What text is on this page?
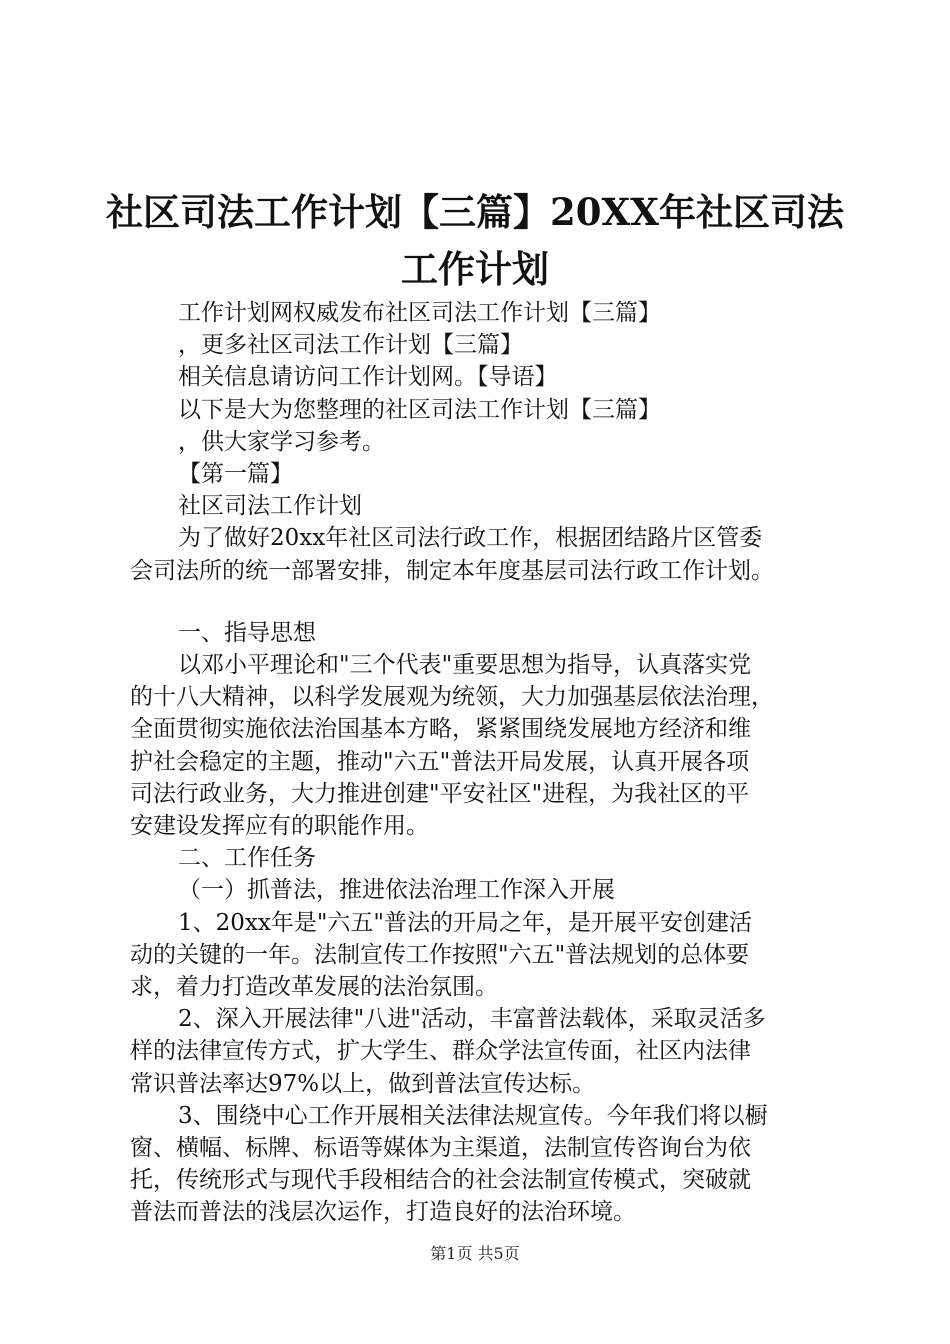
社区司法工作计划【三篇】20XX年社区司法
工作计划
工作计划网权威发布社区司法工作计划【三篇】
，更多社区司法工作计划【三篇】
相关信息请访问工作计划网。【导语】
以下是大为您整理的社区司法工作计划【三篇】
，供大家学习参考。
【第一篇】
社区司法工作计划
为了做好20xx年社区司法行政工作，根据团结路片区管委
会司法所的统一部署安排，制定本年度基层司法行政工作计划。
一、指导思想
以邓小平理论和"三个代表"重要思想为指导，认真落实党
的十八大精神，以科学发展观为统领，大力加强基层依法治理，
全面贯彻实施依法治国基本方略，紧紧围绕发展地方经济和维
护社会稳定的主题，推动"六五"普法开局发展，认真开展各项
司法行政业务，大力推进创建"平安社区"进程，为我社区的平
安建设发挥应有的职能作用。
二、工作任务
（一）抓普法，推进依法治理工作深入开展
1、20xx年是"六五"普法的开局之年，是开展平安创建活
动的关键的一年。法制宣传工作按照"六五"普法规划的总体要
求，着力打造改革发展的法治氛围。
2、深入开展法律"八进"活动，丰富普法载体，采取灵活多
样的法律宣传方式，扩大学生、群众学法宣传面，社区内法律
常识普法率达97%以上，做到普法宣传达标。
3、围绕中心工作开展相关法律法规宣传。今年我们将以橱
窗、横幅、标牌、标语等媒体为主渠道，法制宣传咨询台为依
托，传统形式与现代手段相结合的社会法制宣传模式，突破就
普法而普法的浅层次运作，打造良好的法治环境。
第1页 共5页
